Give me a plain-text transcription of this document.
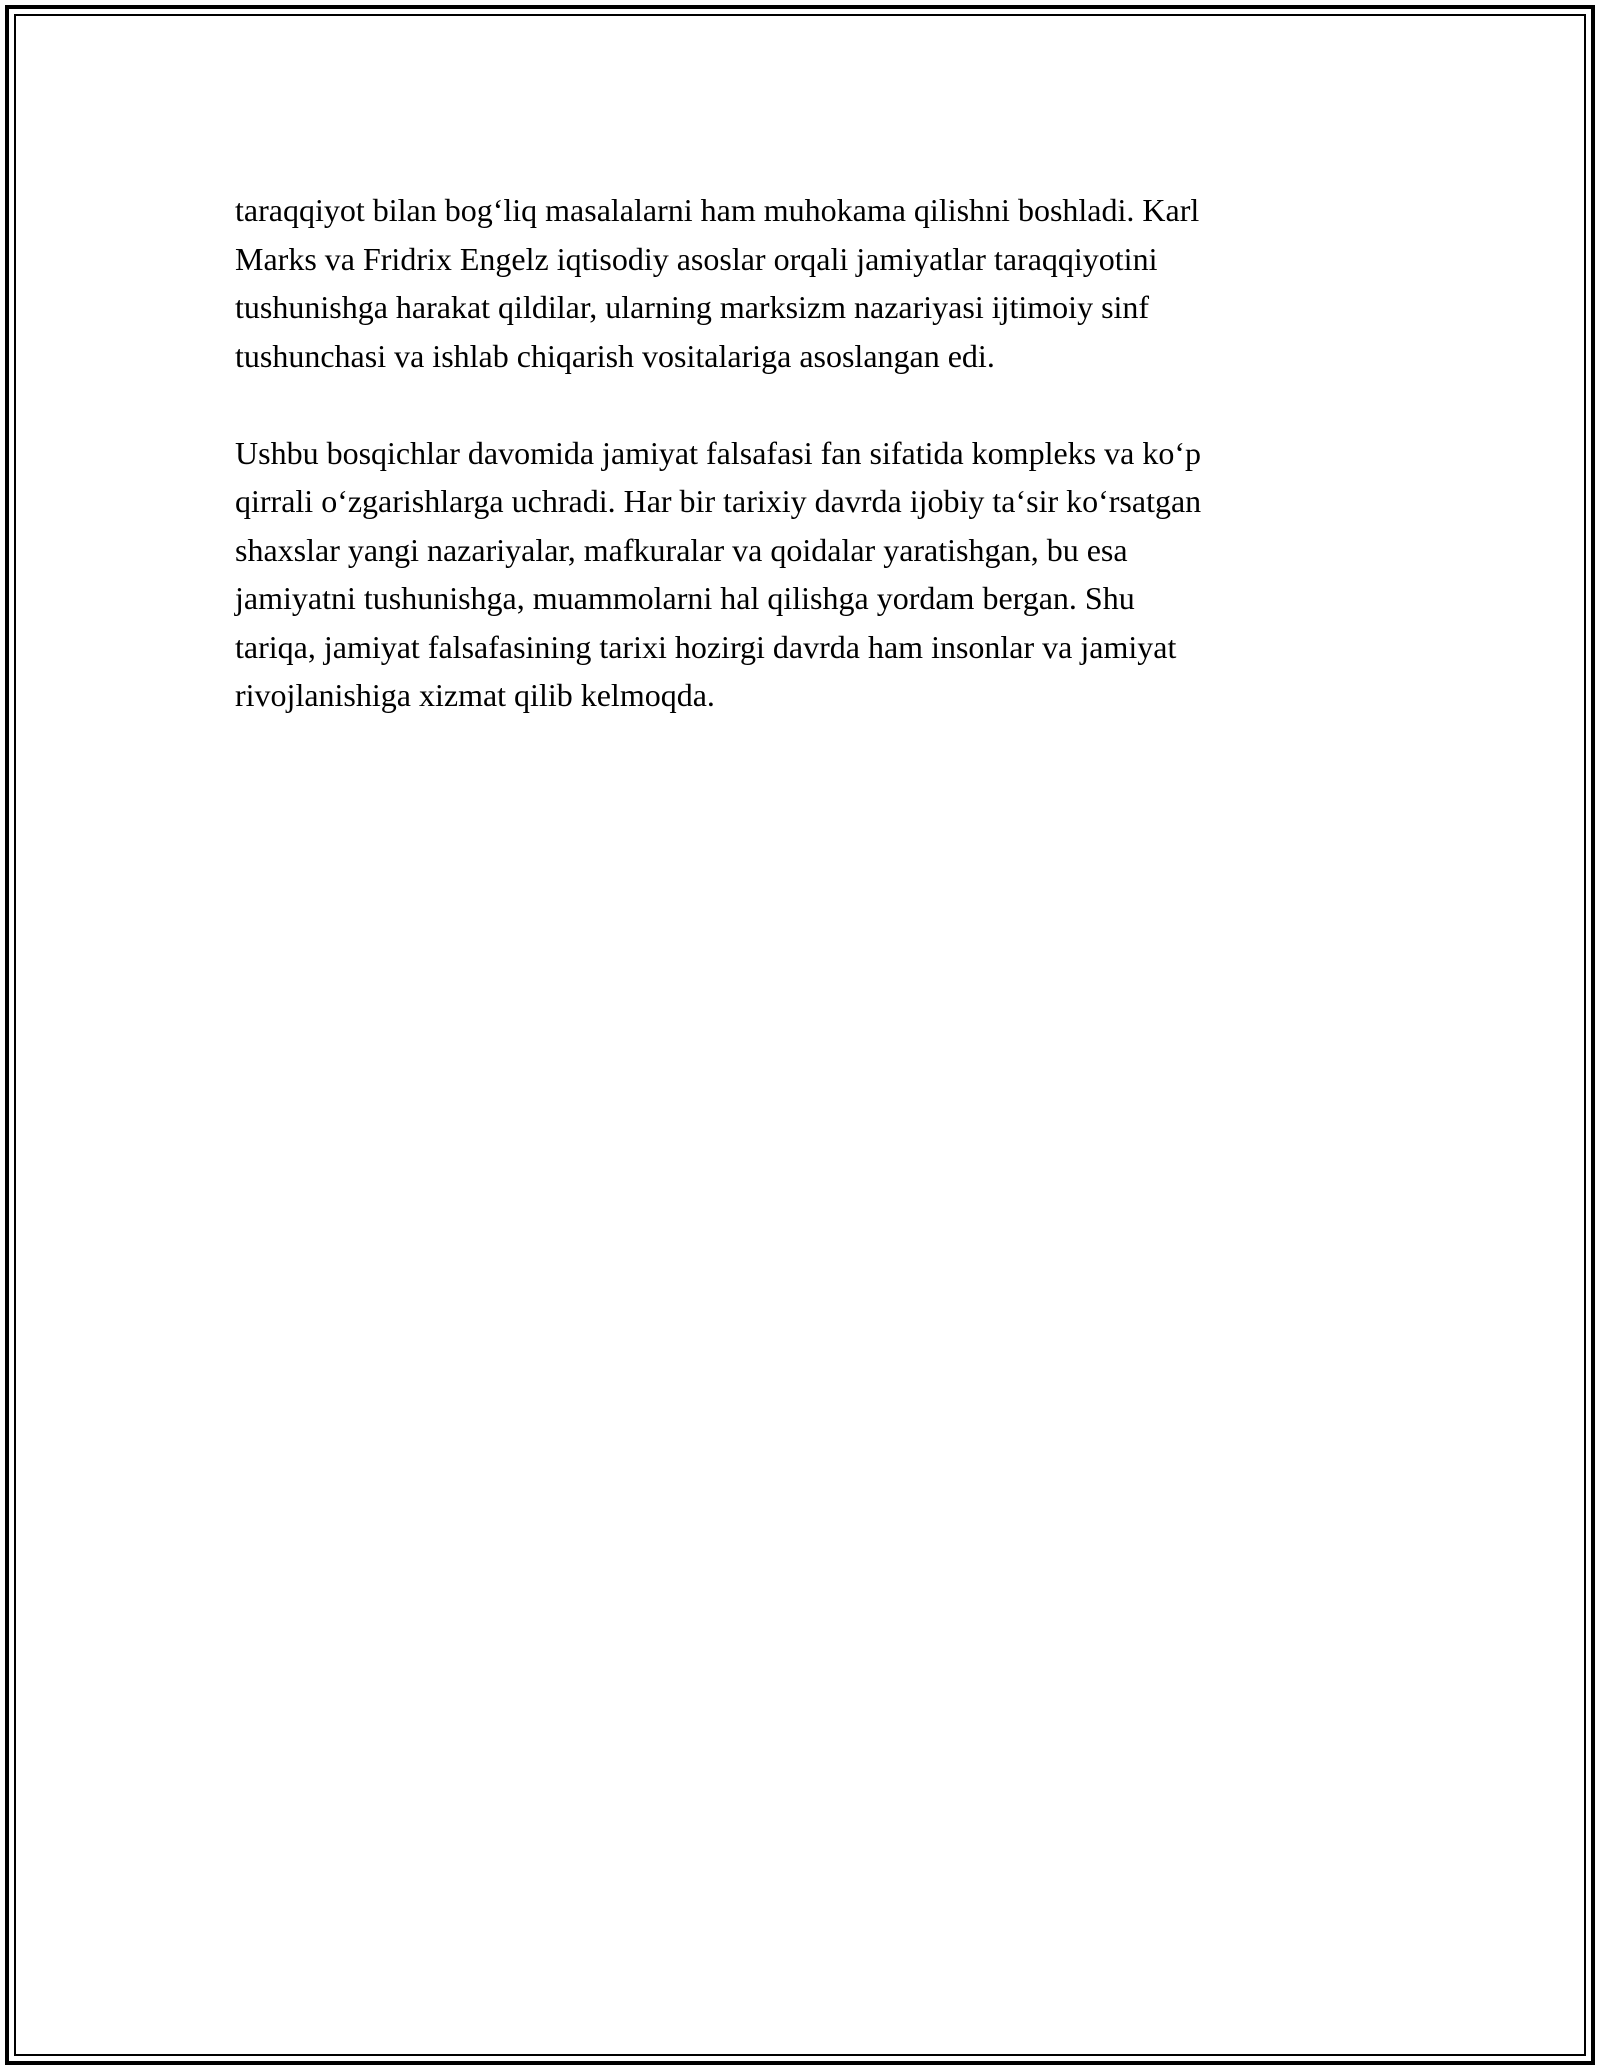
taraqqiyot bilan bog‘liq masalalarni ham muhokama qilishni boshladi. Karl
Marks va Fridrix Engelz iqtisodiy asoslar orqali jamiyatlar taraqqiyotini
tushunishga harakat qildilar, ularning marksizm nazariyasi ijtimoiy sinf
tushunchasi va ishlab chiqarish vositalariga asoslangan edi.

Ushbu bosqichlar davomida jamiyat falsafasi fan sifatida kompleks va ko‘p
qirrali o‘zgarishlarga uchradi. Har bir tarixiy davrda ijobiy ta‘sir ko‘rsatgan
shaxslar yangi nazariyalar, mafkuralar va qoidalar yaratishgan, bu esa
jamiyatni tushunishga, muammolarni hal qilishga yordam bergan. Shu
tariqa, jamiyat falsafasining tarixi hozirgi davrda ham insonlar va jamiyat
rivojlanishiga xizmat qilib kelmoqda.
